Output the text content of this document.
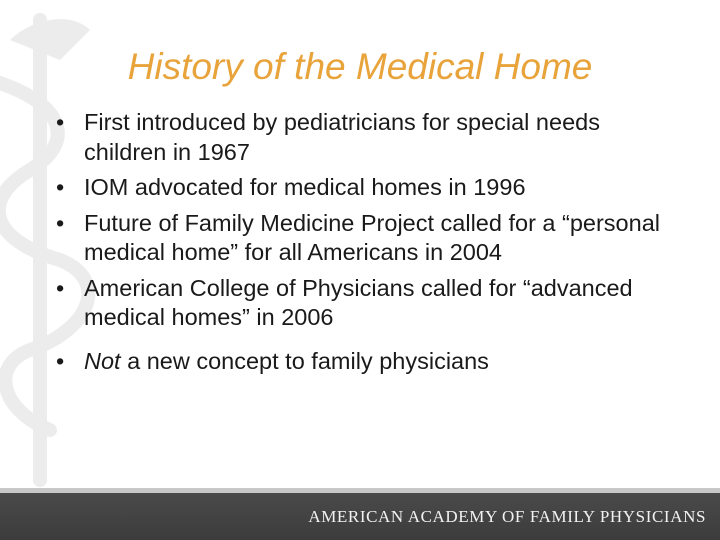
History of the Medical Home
• First introduced by pediatricians for special needs children in 1967
• IOM advocated for medical homes in 1996
• Future of Family Medicine Project called for a “personal medical home” for all Americans in 2004
• American College of Physicians called for “advanced medical homes” in 2006
• Not a new concept to family physicians
AMERICAN ACADEMY OF FAMILY PHYSICIANS
